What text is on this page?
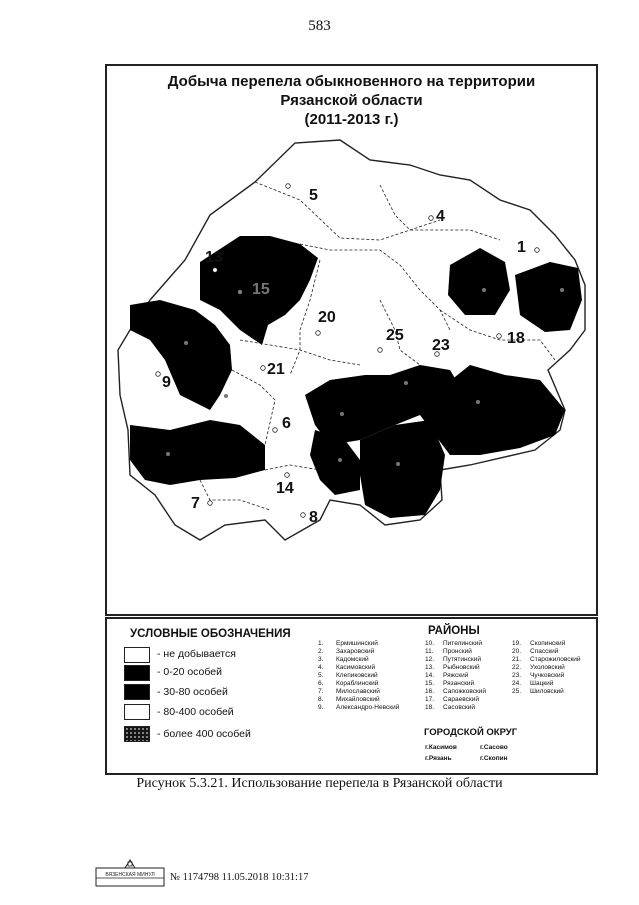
583
Добыча перепела обыкновенного на территории
Рязанской области
(2011-2013 г.)
5
4
1
13
15
20
25
23	18
9
21
6
14
7
8
УСЛОВНЫЕ ОБОЗНАЧЕНИЯ
- не добывается
- 0-20 особей
- 30-80 особей
- 80-400 особей
- более 400 особей
РАЙОНЫ
1. Ермишинский
2. Захаровский
3. Кадомский
4. Касимовский
5. Клепиковский
6. Кораблинский
7. Милославский
8. Михайловский
9. Александро-Невский
10. Пителинский
11. Пронский
12. Путятинский
13. Рыбновский
14. Ряжский
15. Рязанский
16. Сапожковский
17. Сараевский
18. Сасовский
19. Скопинский
20. Спасский
21. Старожиловский
22. Ухоловский
23. Чучковский
24. Шацкий
25. Шиловский
ГОРОДСКОЙ ОКРУГ
г.Касимов	г.Сасово
г.Рязань	г.Скопин
Рисунок 5.3.21. Использование перепела в Рязанской области
ВЯЗЕНСКАЯ МИНУЛ № 1174798 11.05.2018 10:31:17
